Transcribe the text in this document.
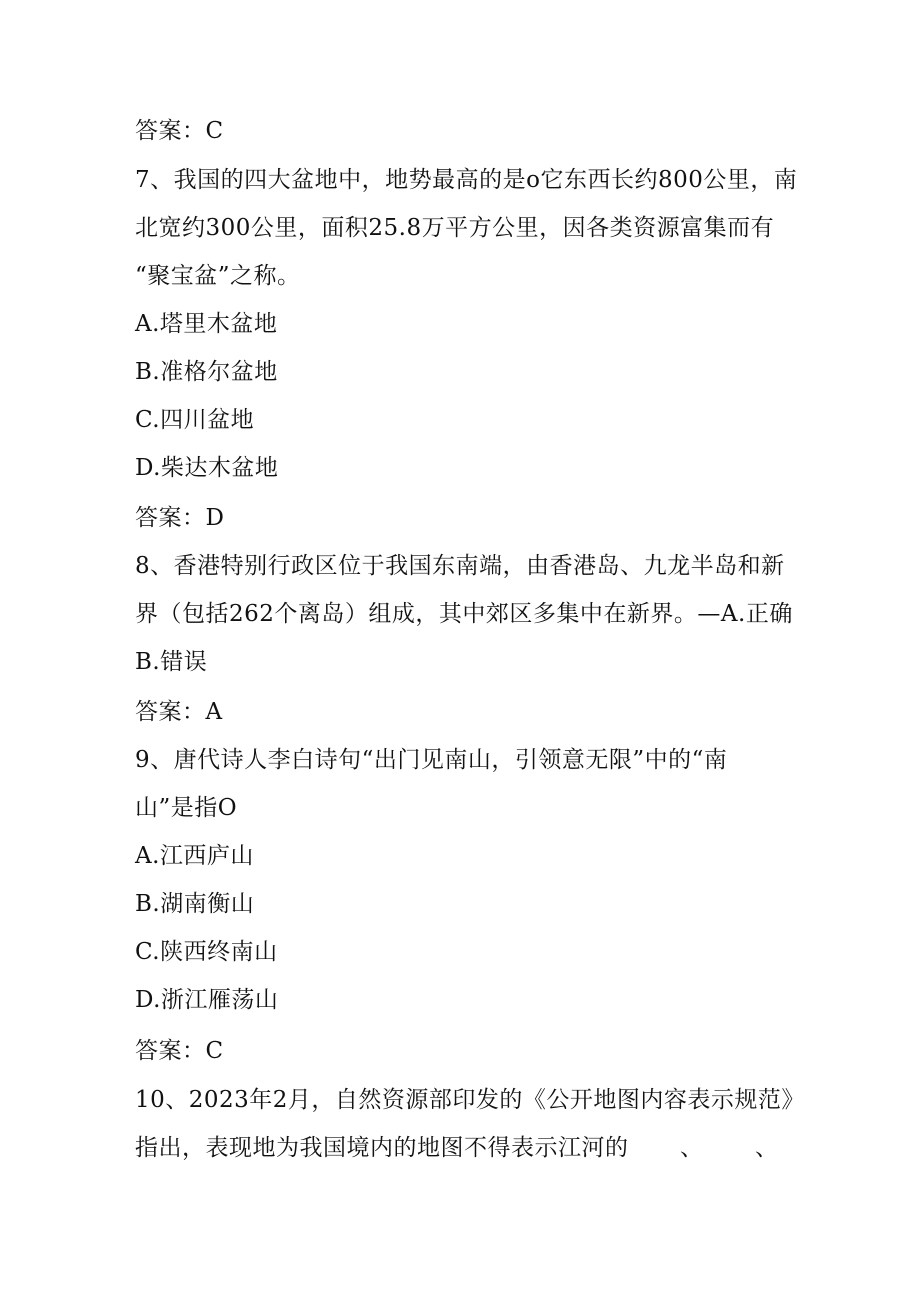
答案：C
7、我国的四大盆地中，地势最高的是o它东西长约800公里，南
北宽约300公里，面积25.8万平方公里，因各类资源富集而有
“聚宝盆”之称。
A.塔里木盆地
B.准格尔盆地
C.四川盆地
D.柴达木盆地
答案：D
8、香港特别行政区位于我国东南端，由香港岛、九龙半岛和新
界（包括262个离岛）组成，其中郊区多集中在新界。—A.正确
B.错误
答案：A
9、唐代诗人李白诗句“出门见南山，引领意无限”中的“南
山”是指O
A.江西庐山
B.湖南衡山
C.陕西终南山
D.浙江雁荡山
答案：C
10、2023年2月，自然资源部印发的《公开地图内容表示规范》
指出，表现地为我国境内的地图不得表示江河的 、 、
